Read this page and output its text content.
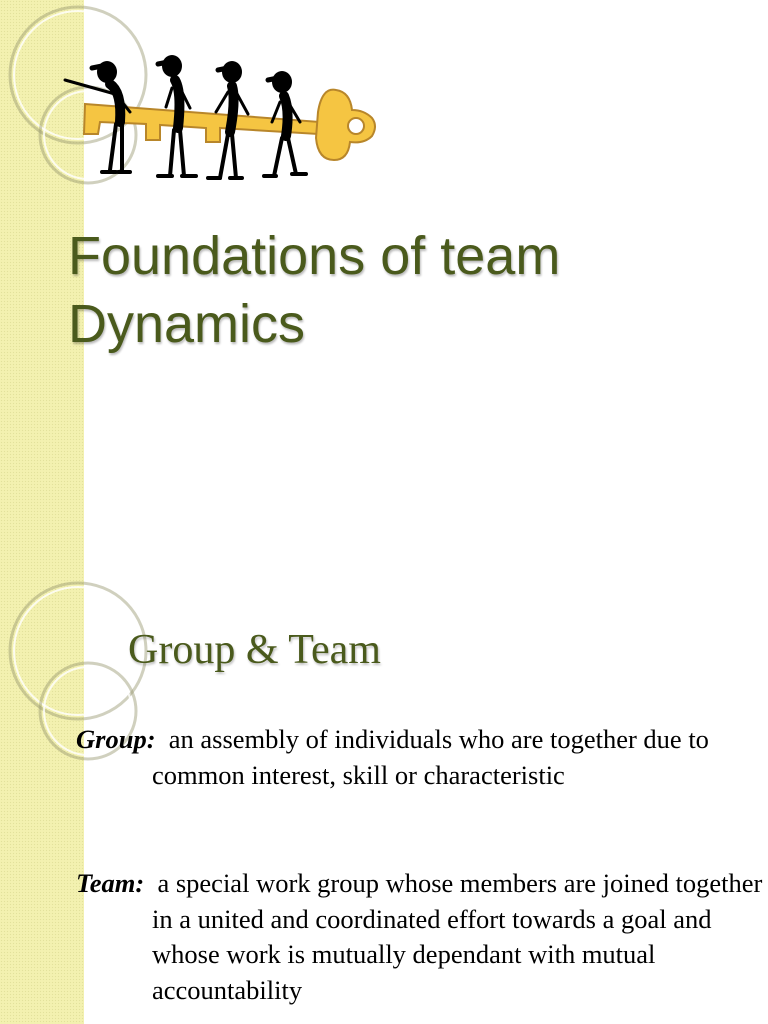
Foundations of team Dynamics
Group & Team

Group: an assembly of individuals who are together due to common interest, skill or characteristic

Team: a special work group whose members are joined together in a united and coordinated effort towards a goal and whose work is mutually dependant with mutual accountability
